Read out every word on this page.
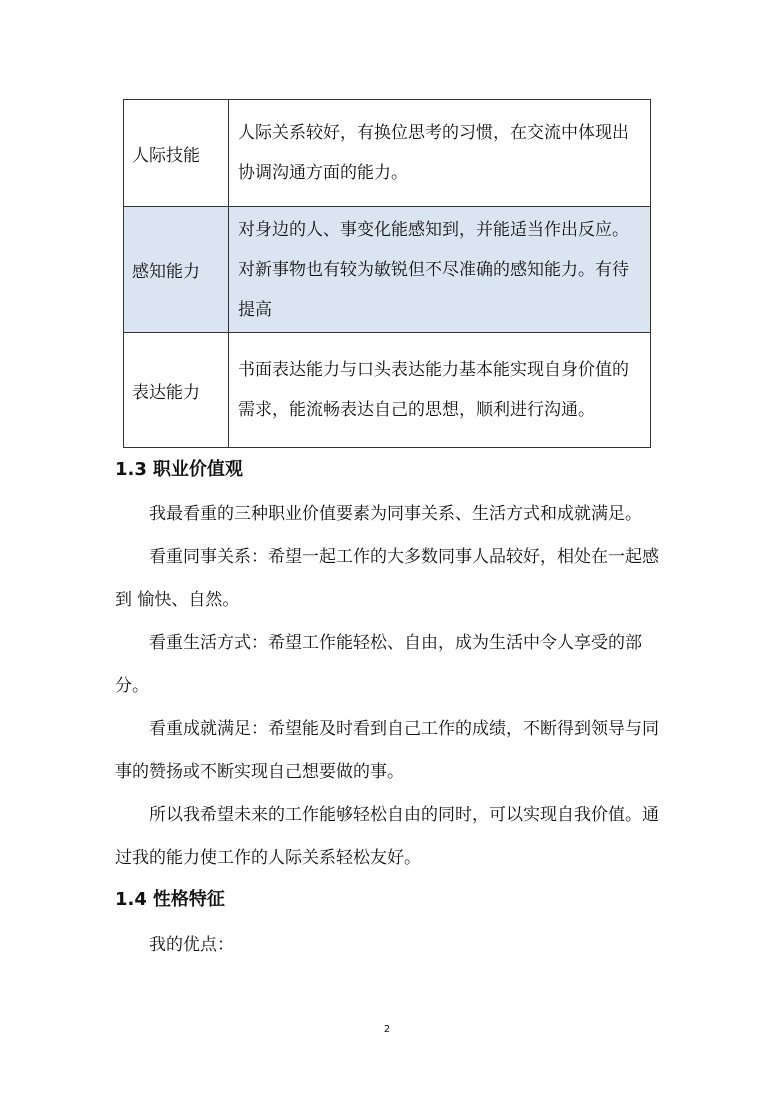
人际技能	人际关系较好，有换位思考的习惯，在交流中体现出协调沟通方面的能力。
感知能力	对身边的人、事变化能感知到，并能适当作出反应。对新事物也有较为敏锐但不尽准确的感知能力。有待提高
表达能力	书面表达能力与口头表达能力基本能实现自身价值的需求，能流畅表达自己的思想，顺利进行沟通。
1.3 职业价值观

我最看重的三种职业价值要素为同事关系、生活方式和成就满足。

看重同事关系：希望一起工作的大多数同事人品较好，相处在一起感到 愉快、自然。

看重生活方式：希望工作能轻松、自由，成为生活中令人享受的部分。

看重成就满足：希望能及时看到自己工作的成绩，不断得到领导与同事的赞扬或不断实现自己想要做的事。

所以我希望未来的工作能够轻松自由的同时，可以实现自我价值。通过我的能力使工作的人际关系轻松友好。

1.4 性格特征

我的优点：

2
